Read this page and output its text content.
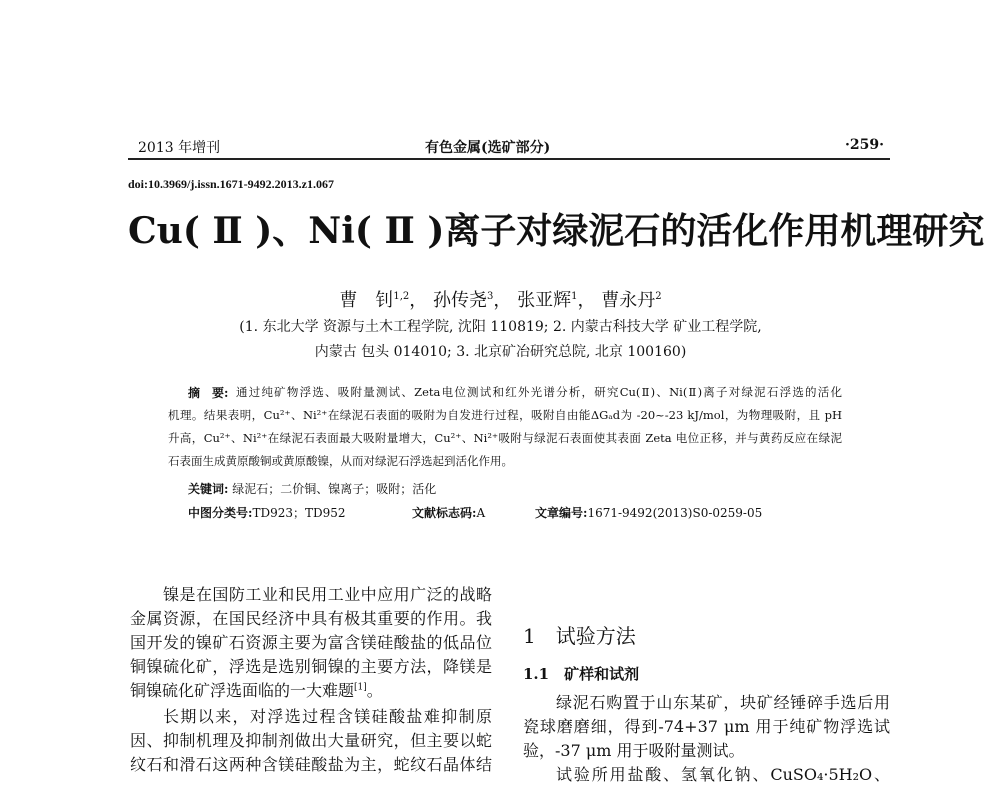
2013 年增刊	有色金属(选矿部分)	·259·
doi:10.3969/j.issn.1671-9492.2013.z1.067
Cu( Ⅱ )、Ni( Ⅱ )离子对绿泥石的活化作用机理研究
曹　钊$^{1,2}$， 孙传尧$^3$， 张亚辉$^1$， 曹永丹$^2$
(1. 东北大学 资源与土木工程学院, 沈阳 110819; 2. 内蒙古科技大学 矿业工程学院,
内蒙古 包头 014010; 3. 北京矿冶研究总院, 北京 100160)
摘　要: 通过纯矿物浮选、吸附量测试、Zeta电位测试和红外光谱分析，研究Cu(Ⅱ)、Ni(Ⅱ)离子对绿泥石浮选的活化
机理。结果表明，Cu²⁺、Ni²⁺在绿泥石表面的吸附为自发进行过程，吸附自由能ΔGₐd为 -20~-23 kJ/mol，为物理吸附，且 pH
升高，Cu²⁺、Ni²⁺在绿泥石表面最大吸附量增大，Cu²⁺、Ni²⁺吸附与绿泥石表面使其表面 Zeta 电位正移，并与黄药反应在绿泥
石表面生成黄原酸铜或黄原酸镍，从而对绿泥石浮选起到活化作用。
关键词: 绿泥石；二价铜、镍离子；吸附；活化
中图分类号:TD923；TD952	文献标志码:A	文章编号:1671-9492(2013)S0-0259-05
镍是在国防工业和民用工业中应用广泛的战略
金属资源，在国民经济中具有极其重要的作用。我
国开发的镍矿石资源主要为富含镁硅酸盐的低品位
铜镍硫化矿，浮选是选别铜镍的主要方法，降镁是
铜镍硫化矿浮选面临的一大难题[1]。
长期以来，对浮选过程含镁硅酸盐难抑制原
因、抑制机理及抑制剂做出大量研究，但主要以蛇
纹石和滑石这两种含镁硅酸盐为主，蛇纹石晶体结
1　试验方法
1.1　矿样和试剂
绿泥石购置于山东某矿，块矿经锤碎手选后用
瓷球磨磨细，得到-74+37 μm 用于纯矿物浮选试
验，-37 μm 用于吸附量测试。
试验所用盐酸、氢氧化钠、CuSO₄·5H₂O、
